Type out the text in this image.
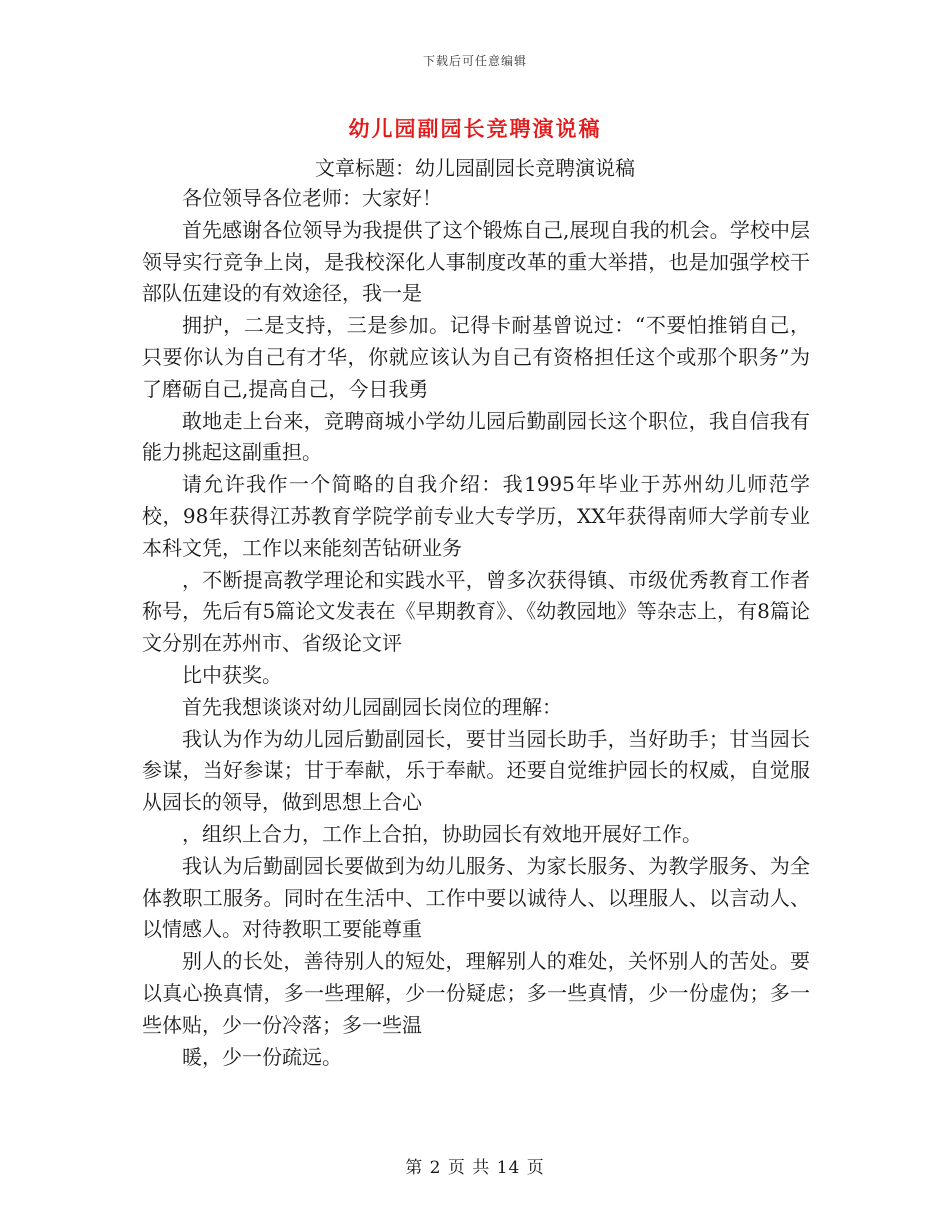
下载后可任意编辑
幼儿园副园长竞聘演说稿
文章标题：幼儿园副园长竞聘演说稿

各位领导各位老师：大家好！

首先感谢各位领导为我提供了这个锻炼自己,展现自我的机会。学校中层领导实行竞争上岗，是我校深化人事制度改革的重大举措，也是加强学校干部队伍建设的有效途径，我一是

拥护，二是支持，三是参加。记得卡耐基曾说过：“不要怕推销自己，只要你认为自己有才华，你就应该认为自己有资格担任这个或那个职务”为了磨砺自己,提高自己，今日我勇

敢地走上台来，竞聘商城小学幼儿园后勤副园长这个职位，我自信我有能力挑起这副重担。

请允许我作一个简略的自我介绍：我1995年毕业于苏州幼儿师范学校，98年获得江苏教育学院学前专业大专学历，XX年获得南师大学前专业本科文凭，工作以来能刻苦钻研业务

，不断提高教学理论和实践水平，曾多次获得镇、市级优秀教育工作者称号，先后有5篇论文发表在《早期教育》、《幼教园地》等杂志上，有8篇论文分别在苏州市、省级论文评

比中获奖。

首先我想谈谈对幼儿园副园长岗位的理解：

我认为作为幼儿园后勤副园长，要甘当园长助手，当好助手；甘当园长参谋，当好参谋；甘于奉献，乐于奉献。还要自觉维护园长的权威，自觉服从园长的领导，做到思想上合心

，组织上合力，工作上合拍，协助园长有效地开展好工作。

我认为后勤副园长要做到为幼儿服务、为家长服务、为教学服务、为全体教职工服务。同时在生活中、工作中要以诚待人、以理服人、以言动人、以情感人。对待教职工要能尊重

别人的长处，善待别人的短处，理解别人的难处，关怀别人的苦处。要以真心换真情，多一些理解，少一份疑虑；多一些真情，少一份虚伪；多一些体贴，少一份冷落；多一些温

暖，少一份疏远。

第 2 页 共 14 页
